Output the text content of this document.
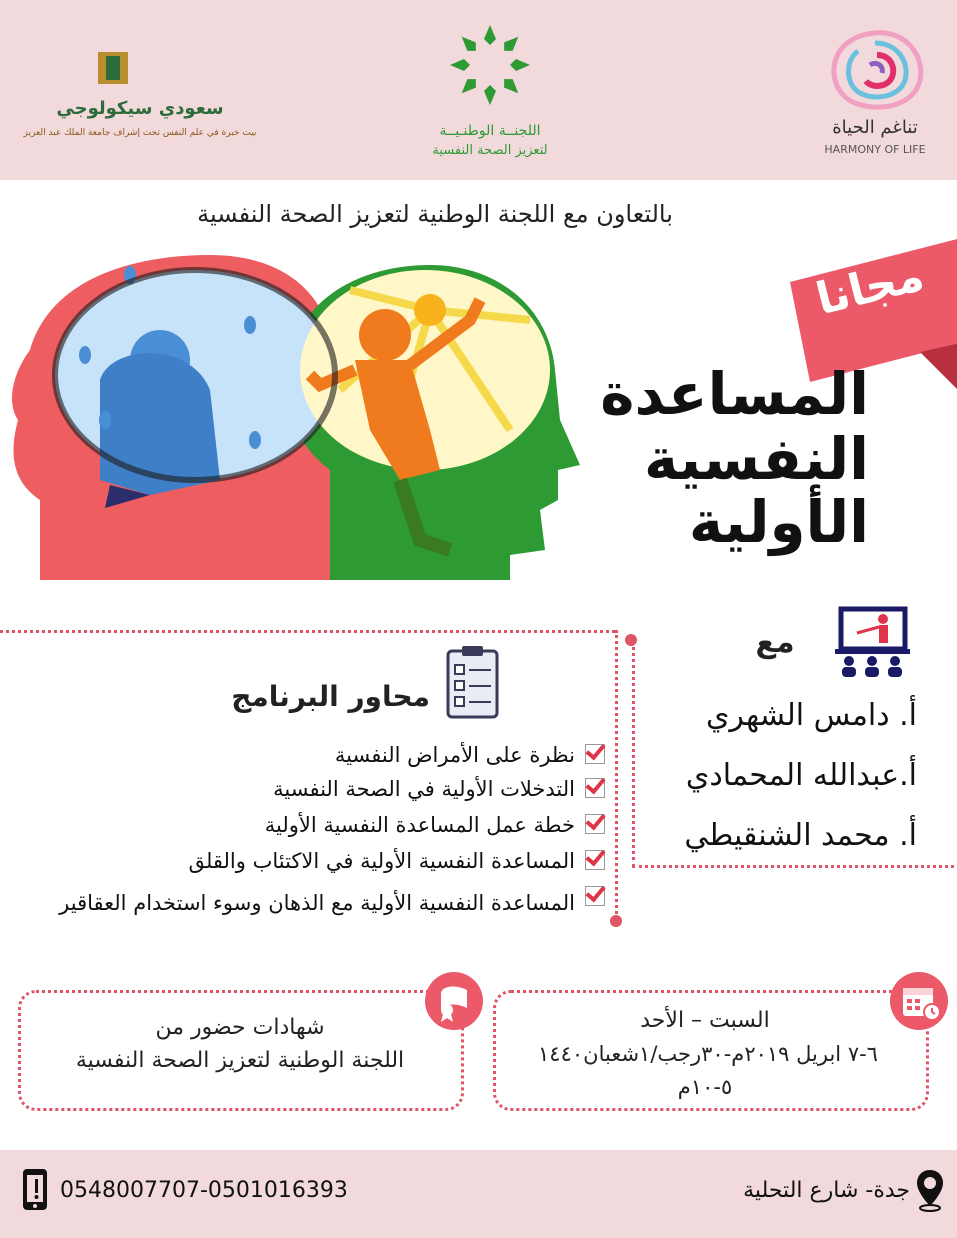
تناغم الحياة
HARMONY OF LIFE
اللجنــة الوطنـيــة
لتعزيز الصحة النفسية
سعودي سيكولوجي
بيت خبرة في علم النفس تحت إشراف جامعة الملك عبد العزيز
بالتعاون مع اللجنة الوطنية لتعزيز الصحة النفسية
مجانا
المساعدة
النفسية
الأولية
مع
أ. دامس الشهري
أ.عبدالله المحمادي
أ. محمد الشنقيطي
محاور البرنامج
نظرة على الأمراض النفسية
التدخلات الأولية في الصحة النفسية
خطة عمل المساعدة النفسية الأولية
المساعدة النفسية الأولية في الاكتئاب والقلق
المساعدة النفسية الأولية مع الذهان وسوء استخدام العقاقير
شهادات حضور من
اللجنة الوطنية لتعزيز الصحة النفسية
السبت – الأحد
٦-٧ ابريل ٢٠١٩م-٣٠رجب/١شعبان١٤٤٠
٥-١٠م
0548007707-0501016393	جدة- شارع التحلية
